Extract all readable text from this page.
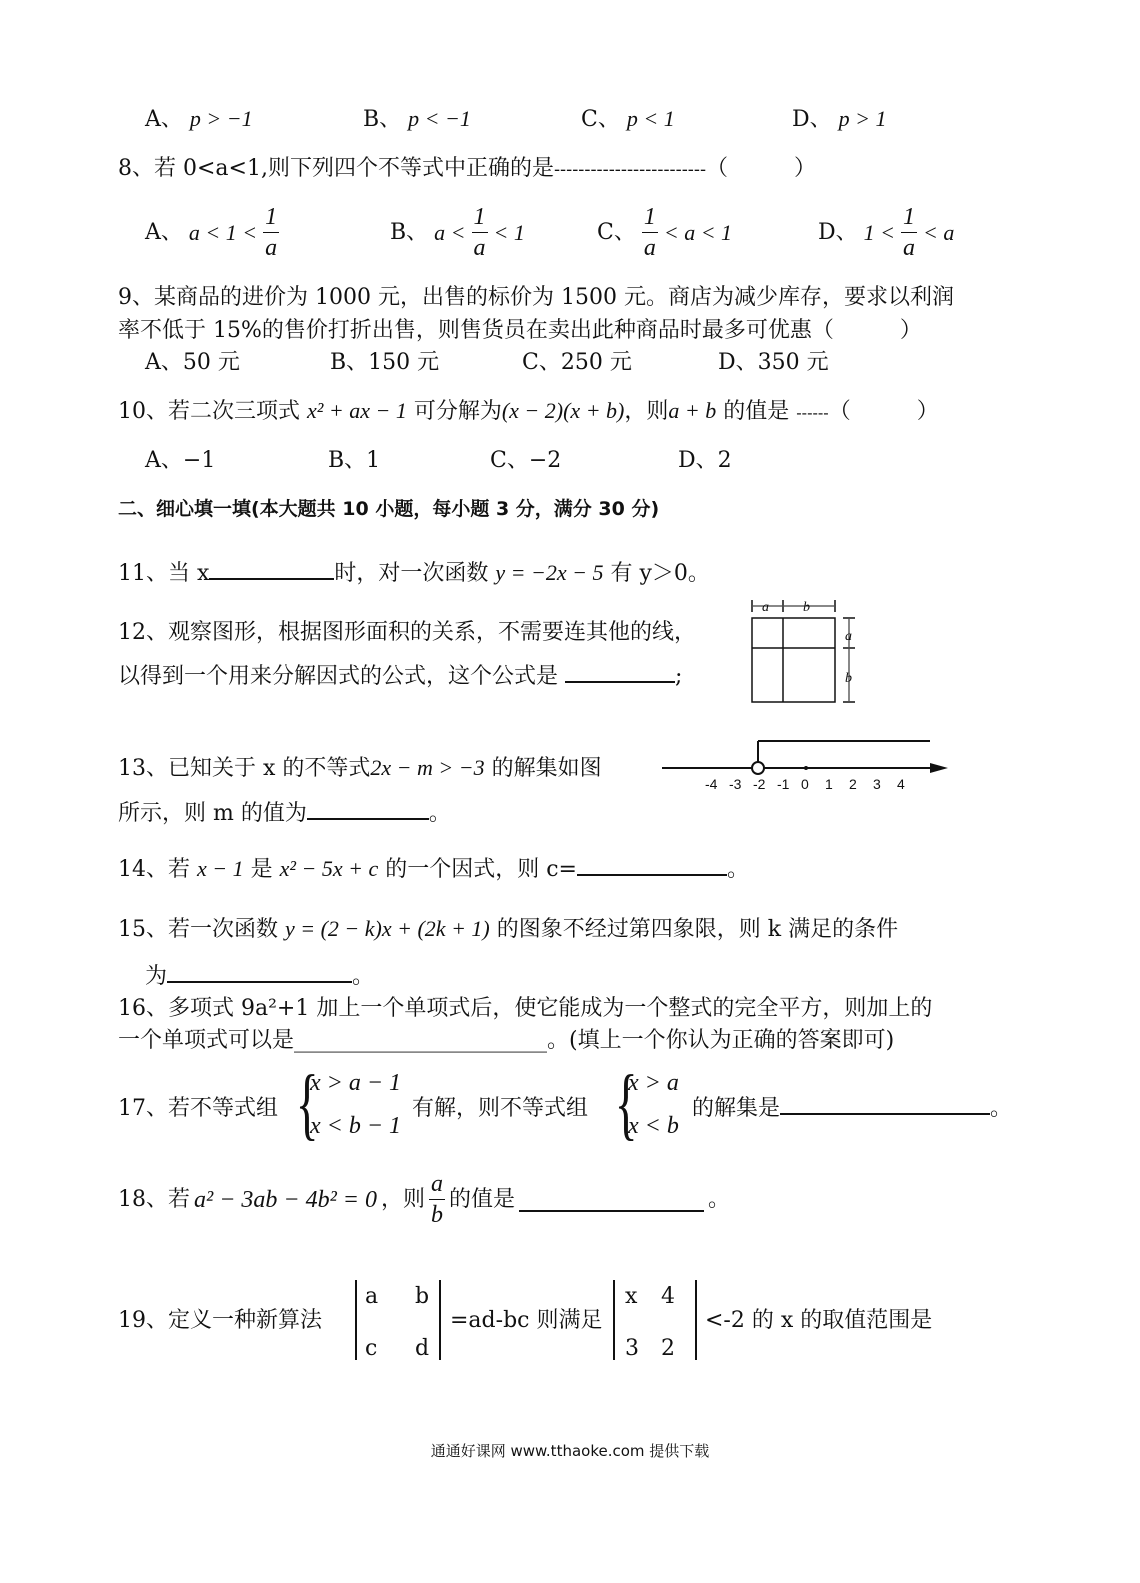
A、 p > −1	B、 p < −1	C、 p < 1	D、 p > 1
8、若 0<a<1,则下列四个不等式中正确的是-------------------------（　　　）
A、 $a < 1 < \frac{1}{a}$	B、 $a < \frac{1}{a} < 1$	C、 $\frac{1}{a} < a < 1$	D、 $1 < \frac{1}{a} < a$
9、某商品的进价为 1000 元，出售的标价为 1500 元。商店为减少库存，要求以利润
率不低于 15%的售价打折出售，则售货员在卖出此种商品时最多可优惠（　　　）
A、50 元	B、150 元	C、250 元	D、350 元
10、若二次三项式 x² + ax − 1 可分解为(x − 2)(x + b)，则a + b 的值是 ------（　　　）
A、−1	B、1	C、−2	D、2
二、细心填一填(本大题共 10 小题，每小题 3 分，满分 30 分)
11、当 x	时，对一次函数 y = −2x − 5 有 y＞0。
12、观察图形，根据图形面积的关系，不需要连其他的线，
以得到一个用来分解因式的公式，这个公式是	;
a b
a
b
13、已知关于 x 的不等式2x − m > −3 的解集如图
所示，则 m 的值为	。
-4 -3 -2 -1 0 1 2 3 4
14、若 x − 1 是 x² − 5x + c 的一个因式，则 c=	。
15、若一次函数 y = (2 − k)x + (2k + 1) 的图象不经过第四象限，则 k 满足的条件
为	。
16、多项式 9a²+1 加上一个单项式后，使它能成为一个整式的完全平方，则加上的
一个单项式可以是_______________________。(填上一个你认为正确的答案即可)
17、若不等式组 {
x > a − 1
x < b − 1
有解，则不等式组 {
x > a
x < b
的解集是	。
18、若 a² − 3ab − 4b² = 0 ，则 $\frac{a}{b}$ 的值是	。
19、定义一种新算法
a b
c d
=ad-bc 则满足
x 4
3 2
<-2 的 x 的取值范围是
通通好课网 www.tthaoke.com 提供下载
